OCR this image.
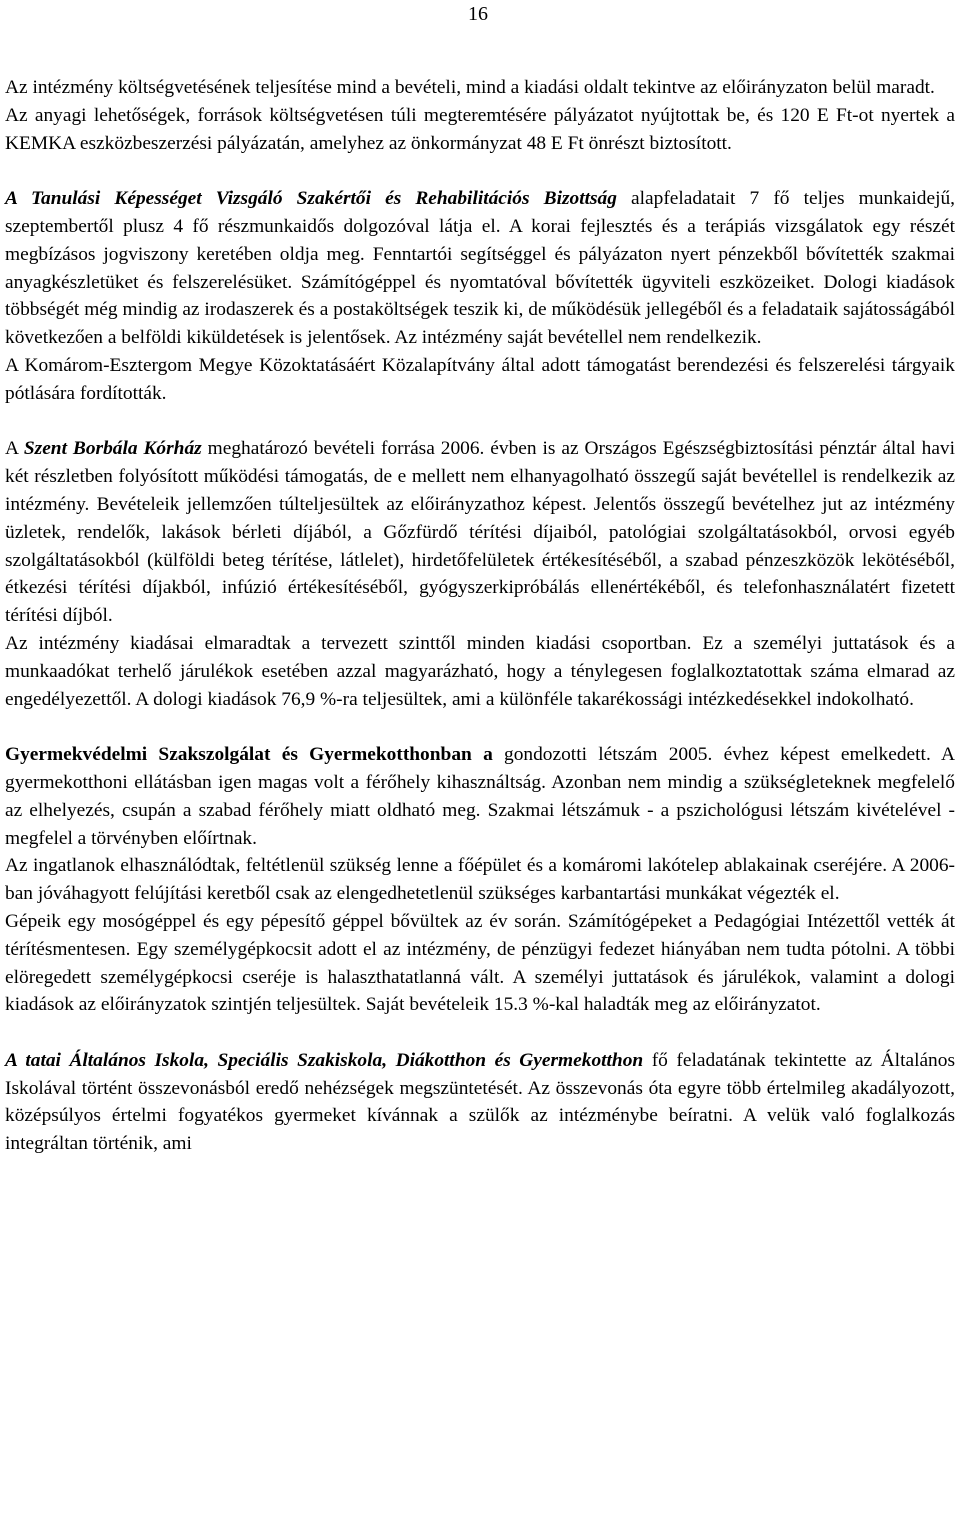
16

Az intézmény költségvetésének teljesítése mind a bevételi, mind a kiadási oldalt tekintve az előirányzaton belül maradt.

Az anyagi lehetőségek, források költségvetésen túli megteremtésére pályázatot nyújtottak be, és 120 E Ft-ot nyertek a KEMKA eszközbeszerzési pályázatán, amelyhez az önkormányzat 48 E Ft önrészt biztosított.

A Tanulási Képességet Vizsgáló Szakértői és Rehabilitációs Bizottság alapfeladatait 7 fő teljes munkaidejű, szeptembertől plusz 4 fő részmunkaidős dolgozóval látja el. A korai fejlesztés és a terápiás vizsgálatok egy részét megbízásos jogviszony keretében oldja meg. Fenntartói segítséggel és pályázaton nyert pénzekből bővítették szakmai anyagkészletüket és felszerelésüket. Számítógéppel és nyomtatóval bővítették ügyviteli eszközeiket. Dologi kiadások többségét még mindig az irodaszerek és a postaköltségek teszik ki, de működésük jellegéből és a feladataik sajátosságából következően a belföldi kiküldetések is jelentősek. Az intézmény saját bevétellel nem rendelkezik.

A Komárom-Esztergom Megye Közoktatásáért Közalapítvány által adott támogatást berendezési és felszerelési tárgyaik pótlására fordították.

A Szent Borbála Kórház meghatározó bevételi forrása 2006. évben is az Országos Egészségbiztosítási pénztár által havi két részletben folyósított működési támogatás, de e mellett nem elhanyagolható összegű saját bevétellel is rendelkezik az intézmény. Bevételeik jellemzően túlteljesültek az előirányzathoz képest. Jelentős összegű bevételhez jut az intézmény üzletek, rendelők, lakások bérleti díjából, a Gőzfürdő térítési díjaiból, patológiai szolgáltatásokból, orvosi egyéb szolgáltatásokból (külföldi beteg térítése, látlelet), hirdetőfelületek értékesítéséből, a szabad pénzeszközök lekötéséből, étkezési térítési díjakból, infúzió értékesítéséből, gyógyszerkipróbálás ellenértékéből, és telefonhasználatért fizetett térítési díjból.

Az intézmény kiadásai elmaradtak a tervezett szinttől minden kiadási csoportban. Ez a személyi juttatások és a munkaadókat terhelő járulékok esetében azzal magyarázható, hogy a ténylegesen foglalkoztatottak száma elmarad az engedélyezettől. A dologi kiadások 76,9 %-ra teljesültek, ami a különféle takarékossági intézkedésekkel indokolható.

Gyermekvédelmi Szakszolgálat és Gyermekotthonban a gondozotti létszám 2005. évhez képest emelkedett. A gyermekotthoni ellátásban igen magas volt a férőhely kihasználtság. Azonban nem mindig a szükségleteknek megfelelő az elhelyezés, csupán a szabad férőhely miatt oldható meg. Szakmai létszámuk - a pszichológusi létszám kivételével - megfelel a törvényben előírtnak.

Az ingatlanok elhasználódtak, feltétlenül szükség lenne a főépület és a komáromi lakótelep ablakainak cseréjére. A 2006-ban jóváhagyott felújítási keretből csak az elengedhetetlenül szükséges karbantartási munkákat végezték el.

Gépeik egy mosógéppel és egy pépesítő géppel bővültek az év során. Számítógépeket a Pedagógiai Intézettől vették át térítésmentesen. Egy személygépkocsit adott el az intézmény, de pénzügyi fedezet hiányában nem tudta pótolni. A többi elöregedett személygépkocsi cseréje is halaszthatatlanná vált. A személyi juttatások és járulékok, valamint a dologi kiadások az előirányzatok szintjén teljesültek. Saját bevételeik 15.3 %-kal haladták meg az előirányzatot.

A tatai Általános Iskola, Speciális Szakiskola, Diákotthon és Gyermekotthon fő feladatának tekintette az Általános Iskolával történt összevonásból eredő nehézségek megszüntetését. Az összevonás óta egyre több értelmileg akadályozott, középsúlyos értelmi fogyatékos gyermeket kívánnak a szülők az intézménybe beíratni. A velük való foglalkozás integráltan történik, ami
